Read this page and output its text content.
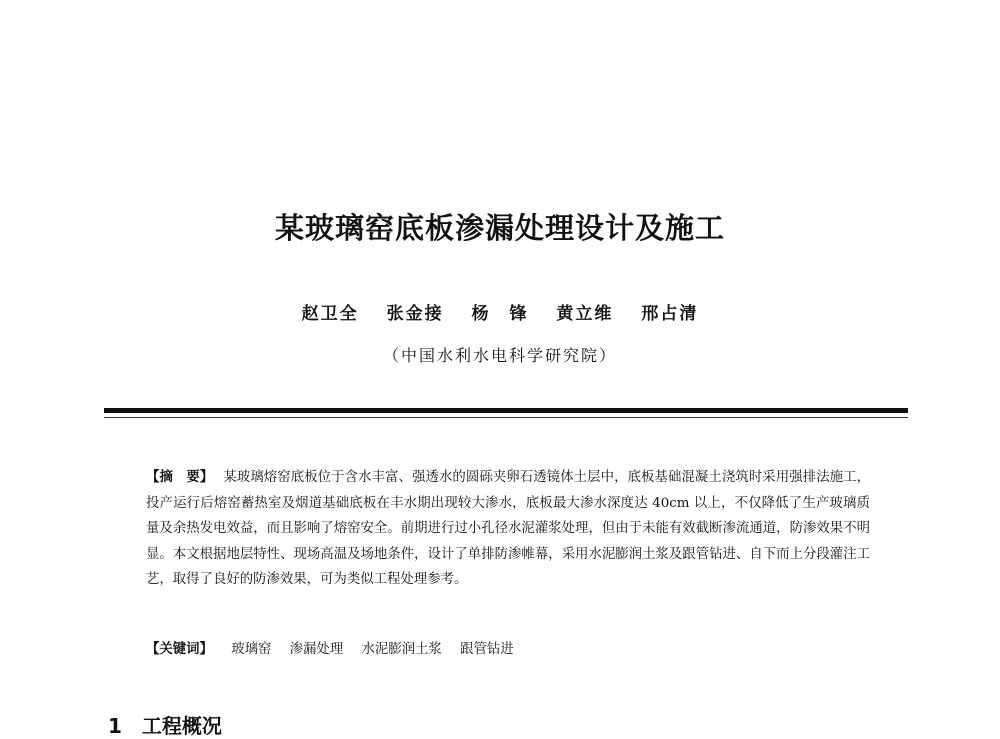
某玻璃窑底板渗漏处理设计及施工
赵卫全 张金接 杨　锋 黄立维 邢占清
（中国水利水电科学研究院）
【摘　要】 某玻璃熔窑底板位于含水丰富、强透水的圆砾夹卵石透镜体土层中，底板基础混凝土浇筑时采用强排法施工，投产运行后熔窑蓄热室及烟道基础底板在丰水期出现较大渗水，底板最大渗水深度达 40cm 以上，不仅降低了生产玻璃质量及余热发电效益，而且影响了熔窑安全。前期进行过小孔径水泥灌浆处理，但由于未能有效截断渗流通道，防渗效果不明显。本文根据地层特性、现场高温及场地条件，设计了单排防渗帷幕，采用水泥膨润土浆及跟管钻进、自下而上分段灌注工艺，取得了良好的防渗效果，可为类似工程处理参考。
【关键词】 玻璃窑 渗漏处理 水泥膨润土浆 跟管钻进
1 工程概况
